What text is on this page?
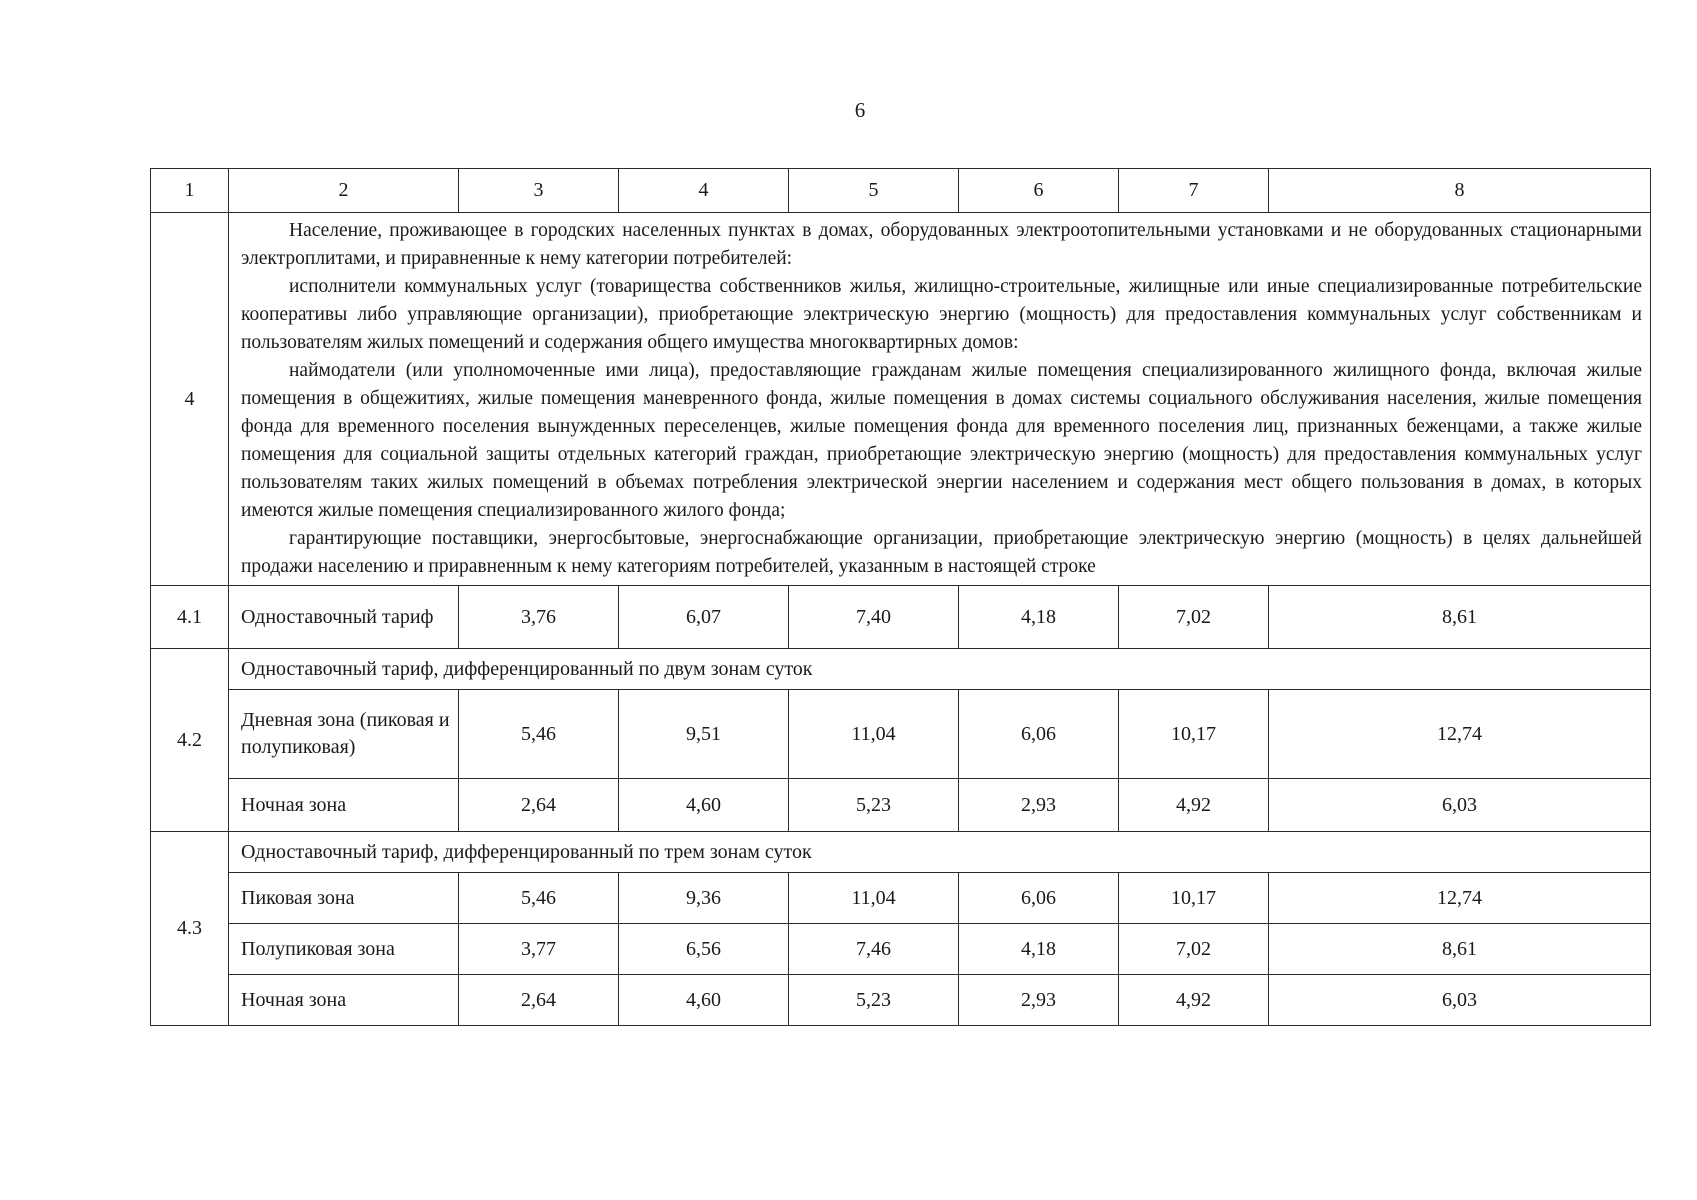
6
1	2	3	4	5	6	7	8
4	Население, проживающее в городских населенных пунктах в домах, оборудованных электроотопительными установками и не оборудованных стационарными электроплитами, и приравненные к нему категории потребителей:

исполнители коммунальных услуг (товарищества собственников жилья, жилищно-строительные, жилищные или иные специализированные потребительские кооперативы либо управляющие организации), приобретающие электрическую энергию (мощность) для предоставления коммунальных услуг собственникам и пользователям жилых помещений и содержания общего имущества многоквартирных домов:

наймодатели (или уполномоченные ими лица), предоставляющие гражданам жилые помещения специализированного жилищного фонда, включая жилые помещения в общежитиях, жилые помещения маневренного фонда, жилые помещения в домах системы социального обслуживания населения, жилые помещения фонда для временного поселения вынужденных переселенцев, жилые помещения фонда для временного поселения лиц, признанных беженцами, а также жилые помещения для социальной защиты отдельных категорий граждан, приобретающие электрическую энергию (мощность) для предоставления коммунальных услуг пользователям таких жилых помещений в объемах потребления электрической энергии населением и содержания мест общего пользования в домах, в которых имеются жилые помещения специализированного жилого фонда;

гарантирующие поставщики, энергосбытовые, энергоснабжающие организации, приобретающие электрическую энергию (мощность) в целях дальнейшей продажи населению и приравненным к нему категориям потребителей, указанным в настоящей строке						

4.1	Одноставочный тариф	3,76	6,07	7,40	4,18	7,02	8,61
4.2	Одноставочный тариф, дифференцированный по двум зонам суток						
	Дневная зона (пиковая и полупиковая)	5,46	9,51	11,04	6,06	10,17	12,74
	Ночная зона	2,64	4,60	5,23	2,93	4,92	6,03
4.3	Одноставочный тариф, дифференцированный по трем зонам суток						
	Пиковая зона	5,46	9,36	11,04	6,06	10,17	12,74
	Полупиковая зона	3,77	6,56	7,46	4,18	7,02	8,61
	Ночная зона	2,64	4,60	5,23	2,93	4,92	6,03
